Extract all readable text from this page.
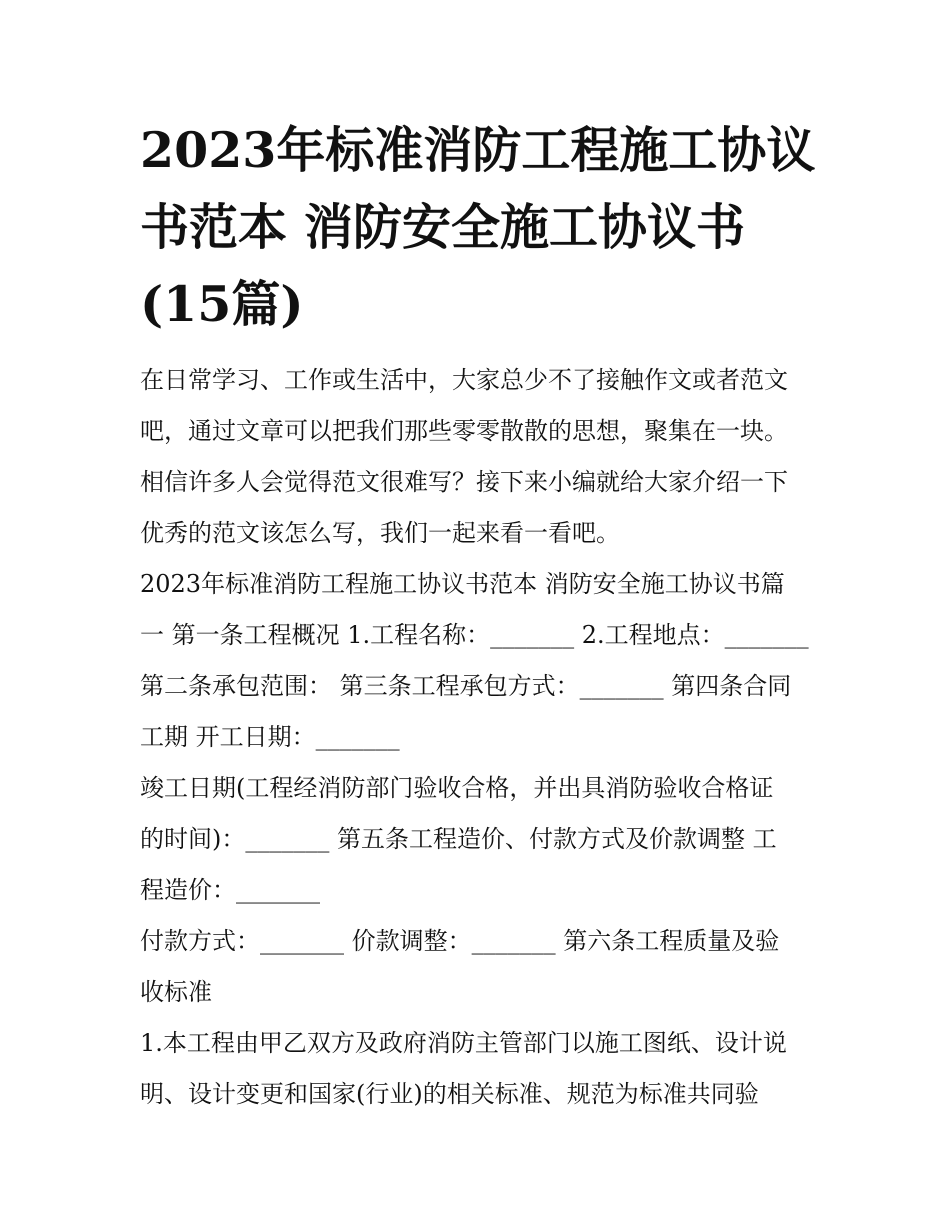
2023年标准消防工程施工协议
书范本 消防安全施工协议书
(15篇)
在日常学习、工作或生活中，大家总少不了接触作文或者范文
吧，通过文章可以把我们那些零零散散的思想，聚集在一块。
相信许多人会觉得范文很难写？接下来小编就给大家介绍一下
优秀的范文该怎么写，我们一起来看一看吧。
2023年标准消防工程施工协议书范本 消防安全施工协议书篇
一 第一条工程概况 1.工程名称：_______ 2.工程地点：_______
第二条承包范围： 第三条工程承包方式：_______ 第四条合同
工期 开工日期：_______
竣工日期(工程经消防部门验收合格，并出具消防验收合格证
的时间)：_______ 第五条工程造价、付款方式及价款调整 工
程造价：_______
付款方式：_______ 价款调整：_______ 第六条工程质量及验
收标准
1.本工程由甲乙双方及政府消防主管部门以施工图纸、设计说
明、设计变更和国家(行业)的相关标准、规范为标准共同验
